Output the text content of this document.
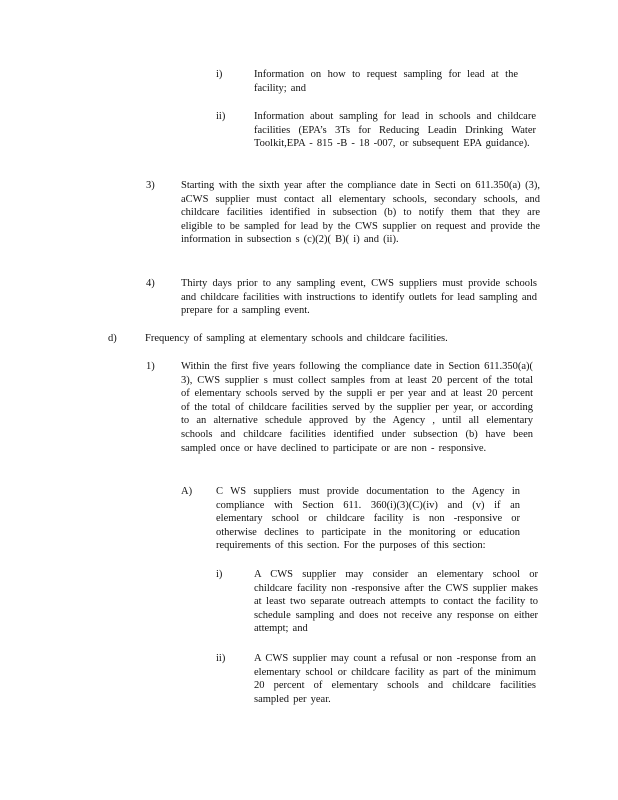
i)	Information on how to request sampling for lead at the facility; and

ii)	Information about sampling for lead in schools and childcare facilities (EPA’s 3Ts for Reducing Leadin Drinking Water Toolkit,EPA - 815 -B - 18 -007, or subsequent EPA guidance).

3)	Starting with the sixth year after the compliance date in Secti on 611.350(a) (3), aCWS supplier must contact all elementary schools, secondary schools, and childcare facilities identified in subsection (b) to notify them that they are eligible to be sampled for lead by the CWS supplier on request and provide the information in subsection s (c)(2)( B)( i) and (ii).

4)	Thirty days prior to any sampling event, CWS suppliers must provide schools and childcare facilities with instructions to identify outlets for lead sampling and prepare for a sampling event.

d)	Frequency of sampling at elementary schools and childcare facilities.

1)	Within the first five years following the compliance date in Section 611.350(a)( 3), CWS supplier s must collect samples from at least 20 percent of the total of elementary schools served by the suppli er per year and at least 20 percent of the total of childcare facilities served by the supplier per year, or according to an alternative schedule approved by the Agency , until all elementary schools and childcare facilities identified under subsection (b) have been sampled once or have declined to participate or are non - responsive.

A) C WS suppliers must provide documentation to the Agency in compliance with Section 611. 360(i)(3)(C)(iv) and (v) if an elementary school or childcare facility is non -responsive or otherwise declines to participate in the monitoring or education requirements of this section. For the purposes of this section:

i)	A CWS supplier may consider an elementary school or childcare facility non -responsive after the CWS supplier makes at least two separate outreach attempts to contact the facility to schedule sampling and does not receive any response on either attempt; and

ii)	A CWS supplier may count a refusal or non -response from an elementary school or childcare facility as part of the minimum 20 percent of elementary schools and childcare facilities sampled per year.
